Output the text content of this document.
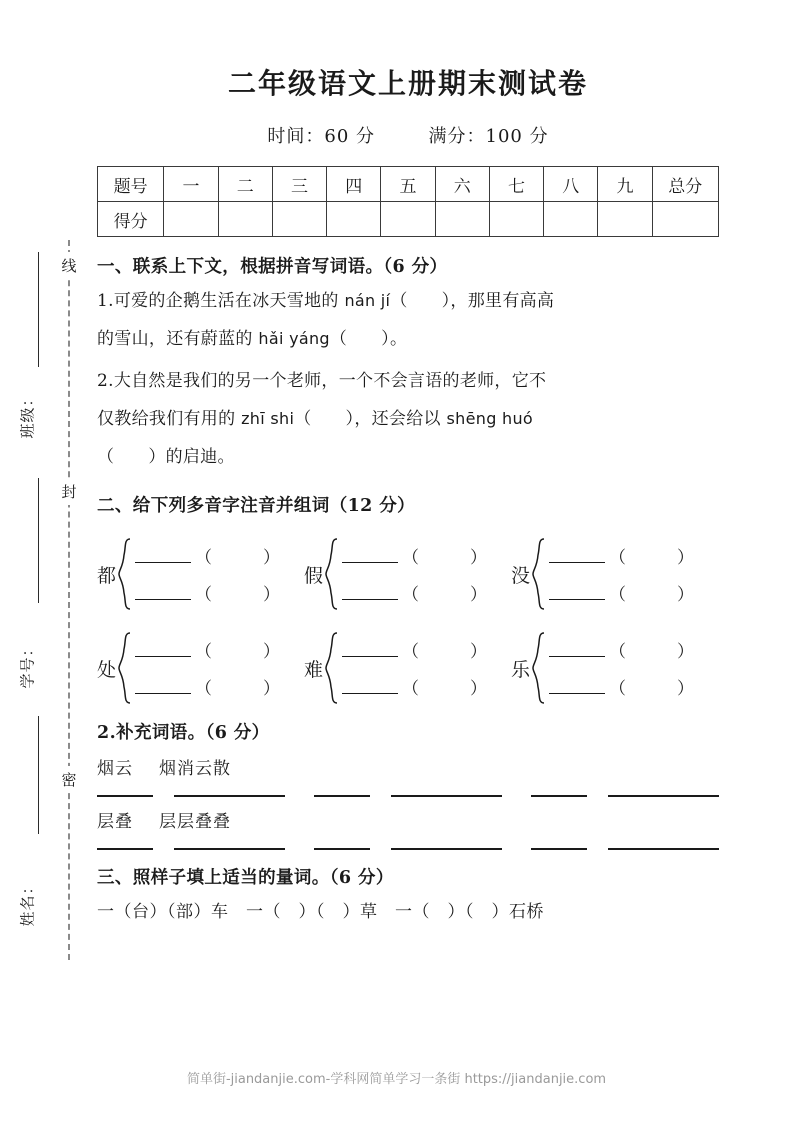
线
封
密
班级：
学号：
姓名：
二年级语文上册期末测试卷
时间：60 分	满分：100 分
题号	一	二	三	四	五	六	七	八	九	总分
得分										
一、联系上下文，根据拼音写词语。（6 分）
1.可爱的企鹅生活在冰天雪地的 nán jí（ ），那里有高高
的雪山，还有蔚蓝的 hǎi yáng（ ）。
2.大自然是我们的另一个老师，一个不会言语的老师，它不
仅教给我们有用的 zhī shi（ ），还会给以 shēng huó
（ ）的启迪。
二、给下列多音字注音并组词（12 分）
都
（　　　）
（　　　）
假
（　　　）
（　　　）
没
（　　　）
（　　　）
处
（　　　）
（　　　）
难
（　　　）
（　　　）
乐
（　　　）
（　　　）
2.补充词语。（6 分）
烟云 烟消云散
层叠 层层叠叠
三、照样子填上适当的量词。（6 分）
一（台）（部）车　一（　）（　）草　一（　）（　）石桥
简单街-jiandanjie.com-学科网简单学习一条街 https://jiandanjie.com
